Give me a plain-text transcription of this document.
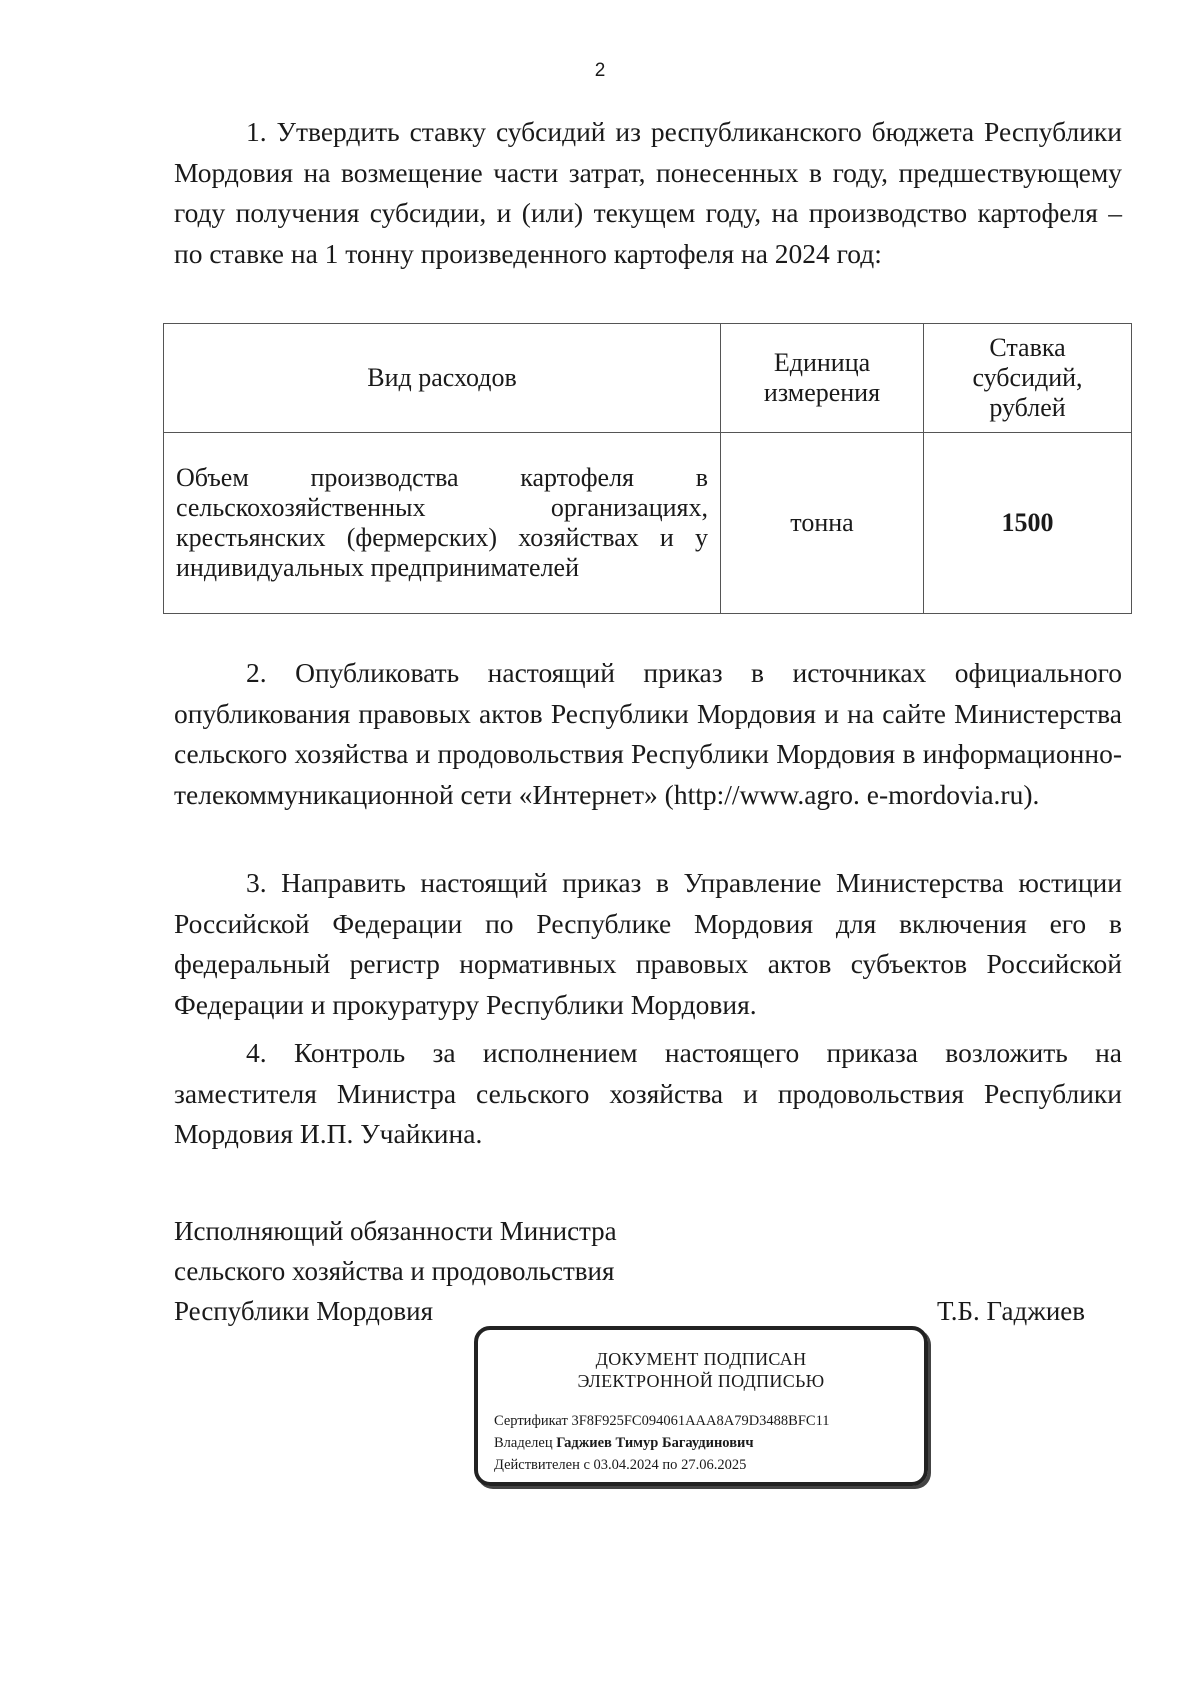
2

1. Утвердить ставку субсидий из республиканского бюджета Республики Мордовия на возмещение части затрат, понесенных в году, предшествующему году получения субсидии, и (или) текущем году, на производство картофеля – по ставке на 1 тонну произведенного картофеля на 2024 год:

Вид расходов	Единица измерения	Ставка субсидий, рублей
Объем производства картофеля в сельскохозяйственных организациях, крестьянских (фермерских) хозяйствах и у индивидуальных предпринимателей	тонна	1500

2. Опубликовать настоящий приказ в источниках официального опубликования правовых актов Республики Мордовия и на сайте Министерства сельского хозяйства и продовольствия Республики Мордовия в информационно-телекоммуникационной сети «Интернет» (http://www.agro. e-mordovia.ru).

3. Направить настоящий приказ в Управление Министерства юстиции Российской Федерации по Республике Мордовия для включения его в федеральный регистр нормативных правовых актов субъектов Российской Федерации и прокуратуру Республики Мордовия.

4. Контроль за исполнением настоящего приказа возложить на заместителя Министра сельского хозяйства и продовольствия Республики Мордовия И.П. Учайкина.

Исполняющий обязанности Министра
сельского хозяйства и продовольствия
Республики Мордовия	Т.Б. Гаджиев
ДОКУМЕНТ ПОДПИСАН
ЭЛЕКТРОННОЙ ПОДПИСЬЮ
Сертификат 3F8F925FC094061AAA8A79D3488BFC11
Владелец Гаджиев Тимур Багаудинович
Действителен с 03.04.2024 по 27.06.2025
